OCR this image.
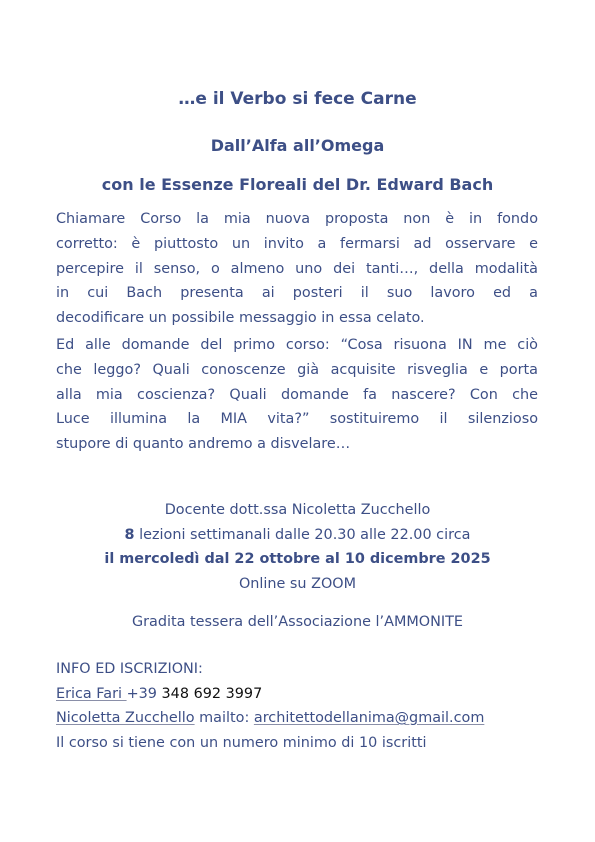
…e il Verbo si fece Carne
Dall’Alfa all’Omega
con le Essenze Floreali del Dr. Edward Bach
Chiamare Corso la mia nuova proposta non è in fondo
corretto: è piuttosto un invito a fermarsi ad osservare e
percepire il senso, o almeno uno dei tanti…, della modalità
in cui Bach presenta ai posteri il suo lavoro ed a
decodificare un possibile messaggio in essa celato.
Ed alle domande del primo corso: “Cosa risuona IN me ciò
che leggo? Quali conoscenze già acquisite risveglia e porta
alla mia coscienza? Quali domande fa nascere? Con che
Luce illumina la MIA vita?” sostituiremo il silenzioso
stupore di quanto andremo a disvelare…
Docente dott.ssa Nicoletta Zucchello
8 lezioni settimanali dalle 20.30 alle 22.00 circa
il mercoledì dal 22 ottobre al 10 dicembre 2025
Online su ZOOM
Gradita tessera dell’Associazione l’AMMONITE
INFO ED ISCRIZIONI:
Erica Fari +39 348 692 3997
Nicoletta Zucchello mailto: architettodellanima@gmail.com
Il corso si tiene con un numero minimo di 10 iscritti
